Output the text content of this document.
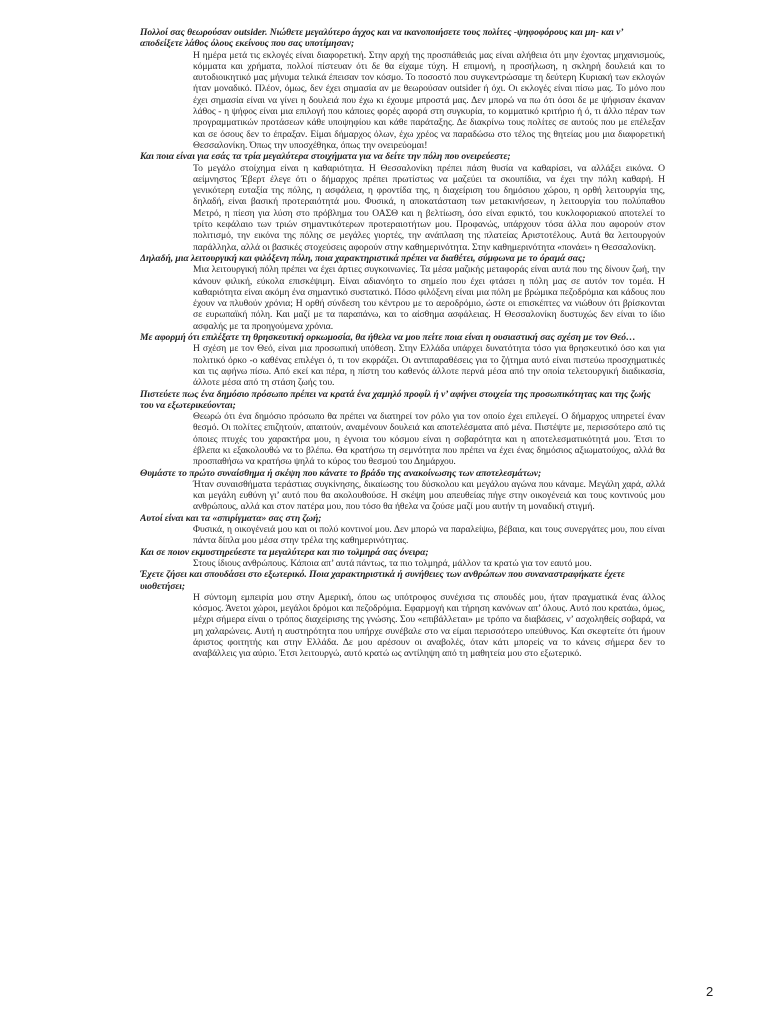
Πολλοί σας θεωρούσαν outsider. Νιώθετε μεγαλύτερο άγχος και να ικανοποιήσετε τους πολίτες -ψηφοφόρους και μη- και ν’ αποδείξετε λάθος όλους εκείνους που σας υποτίμησαν;

Η ημέρα μετά τις εκλογές είναι διαφορετική. Στην αρχή της προσπάθειάς μας είναι αλήθεια ότι μην έχοντας μηχανισμούς, κόμματα και χρήματα, πολλοί πίστευαν ότι δε θα είχαμε τύχη. Η επιμονή, η προσήλωση, η σκληρή δουλειά και το αυτοδιοικητικό μας μήνυμα τελικά έπεισαν τον κόσμο. Το ποσοστό που συγκεντρώσαμε τη δεύτερη Κυριακή των εκλογών ήταν μοναδικό. Πλέον, όμως, δεν έχει σημασία αν με θεωρούσαν outsider ή όχι. Οι εκλογές είναι πίσω μας. Το μόνο που έχει σημασία είναι να γίνει η δουλειά που έχω κι έχουμε μπροστά μας. Δεν μπορώ να πω ότι όσοι δε με ψήφισαν έκαναν λάθος - η ψήφος είναι μια επιλογή που κάποιες φορές αφορά στη συγκυρία, το κομματικό κριτήριο ή ό, τι άλλο πέραν των προγραμματικών προτάσεων κάθε υποψηφίου και κάθε παράταξης. Δε διακρίνω τους πολίτες σε αυτούς που με επέλεξαν και σε όσους δεν το έπραξαν. Είμαι δήμαρχος όλων, έχω χρέος να παραδώσω στο τέλος της θητείας μου μια διαφορετική Θεσσαλονίκη. Όπως την υποσχέθηκα, όπως την ονειρεύομαι!

Και ποια είναι για εσάς τα τρία μεγαλύτερα στοιχήματα για να δείτε την πόλη που ονειρεύεστε;

Το μεγάλο στοίχημα είναι η καθαριότητα. Η Θεσσαλονίκη πρέπει πάση θυσία να καθαρίσει, να αλλάξει εικόνα. Ο αείμνηστος Έβερτ έλεγε ότι ο δήμαρχος πρέπει πρωτίστως να μαζεύει τα σκουπίδια, να έχει την πόλη καθαρή. Η γενικότερη ευταξία της πόλης, η ασφάλεια, η φροντίδα της, η διαχείριση του δημόσιου χώρου, η ορθή λειτουργία της, δηλαδή, είναι βασική προτεραιότητά μου. Φυσικά, η αποκατάσταση των μετακινήσεων, η λειτουργία του πολύπαθου Μετρό, η πίεση για λύση στο πρόβλημα του ΟΑΣΘ και η βελτίωση, όσο είναι εφικτό, του κυκλοφοριακού αποτελεί το τρίτο κεφάλαιο των τριών σημαντικότερων προτεραιοτήτων μου. Προφανώς, υπάρχουν τόσα άλλα που αφορούν στον πολιτισμό, την εικόνα της πόλης σε μεγάλες γιορτές, την ανάπλαση της πλατείας Αριστοτέλους. Αυτά θα λειτουργούν παράλληλα, αλλά οι βασικές στοχεύσεις αφορούν στην καθημερινότητα. Στην καθημερινότητα «πονάει» η Θεσσαλονίκη.

Δηλαδή, μια λειτουργική και φιλόξενη πόλη, ποια χαρακτηριστικά πρέπει να διαθέτει, σύμφωνα με το όραμά σας;

Μια λειτουργική πόλη πρέπει να έχει άρτιες συγκοινωνίες. Τα μέσα μαζικής μεταφοράς είναι αυτά που της δίνουν ζωή, την κάνουν φιλική, εύκολα επισκέψιμη. Είναι αδιανόητο το σημείο που έχει φτάσει η πόλη μας σε αυτόν τον τομέα. Η καθαριότητα είναι ακόμη ένα σημαντικό συστατικό. Πόσο φιλόξενη είναι μια πόλη με βρώμικα πεζοδρόμια και κάδους που έχουν να πλυθούν χρόνια; Η ορθή σύνδεση του κέντρου με το αεροδρόμιο, ώστε οι επισκέπτες να νιώθουν ότι βρίσκονται σε ευρωπαϊκή πόλη. Και μαζί με τα παραπάνω, και το αίσθημα ασφάλειας. Η Θεσσαλονίκη δυστυχώς δεν είναι το ίδιο ασφαλής με τα προηγούμενα χρόνια.

Με αφορμή ότι επιλέξατε τη θρησκευτική ορκωμοσία, θα ήθελα να μου πείτε ποια είναι η ουσιαστική σας σχέση με τον Θεό…

Η σχέση με τον Θεό, είναι μια προσωπική υπόθεση. Στην Ελλάδα υπάρχει δυνατότητα τόσο για θρησκευτικό όσο και για πολιτικό όρκο -ο καθένας επιλέγει ό, τι τον εκφράζει. Οι αντιπαραθέσεις για το ζήτημα αυτό είναι πιστεύω προσχηματικές και τις αφήνω πίσω. Από εκεί και πέρα, η πίστη του καθενός άλλοτε περνά μέσα από την οποία τελετουργική διαδικασία, άλλοτε μέσα από τη στάση ζωής του.

Πιστεύετε πως ένα δημόσιο πρόσωπο πρέπει να κρατά ένα χαμηλό προφίλ ή ν’ αφήνει στοιχεία της προσωπικότητας και της ζωής του να εξωτερικεύονται;

Θεωρώ ότι ένα δημόσιο πρόσωπο θα πρέπει να διατηρεί τον ρόλο για τον οποίο έχει επιλεγεί. Ο δήμαρχος υπηρετεί έναν θεσμό. Οι πολίτες επιζητούν, απαιτούν, αναμένουν δουλειά και αποτελέσματα από μένα. Πιστέψτε με, περισσότερο από τις όποιες πτυχές του χαρακτήρα μου, η έγνοια του κόσμου είναι η σοβαρότητα και η αποτελεσματικότητά μου. Έτσι το έβλεπα κι εξακολουθώ να το βλέπω. Θα κρατήσω τη σεμνότητα που πρέπει να έχει ένας δημόσιος αξιωματούχος, αλλά θα προσπαθήσω να κρατήσω ψηλά το κύρος του θεσμού του Δημάρχου.

Θυμάστε το πρώτο συναίσθημα ή σκέψη που κάνατε το βράδυ της ανακοίνωσης των αποτελεσμάτων;

Ήταν συναισθήματα τεράστιας συγκίνησης, δικαίωσης του δύσκολου και μεγάλου αγώνα που κάναμε. Μεγάλη χαρά, αλλά και μεγάλη ευθύνη γι’ αυτό που θα ακολουθούσε. Η σκέψη μου απευθείας πήγε στην οικογένειά και τους κοντινούς μου ανθρώπους, αλλά και στον πατέρα μου, που τόσο θα ήθελα να ζούσε μαζί μου αυτήν τη μοναδική στιγμή.

Αυτοί είναι και τα «σπιρίγματα» σας στη ζωή;

Φυσικά, η οικογένειά μου και οι πολύ κοντινοί μου. Δεν μπορώ να παραλείψω, βέβαια, και τους συνεργάτες μου, που είναι πάντα δίπλα μου μέσα στην τρέλα της καθημερινότητας.

Και σε ποιον εκμυστηρεύεστε τα μεγαλύτερα και πιο τολμηρά σας όνειρα;

Στους ίδιους ανθρώπους. Κάποια απ’ αυτά πάντως, τα πιο τολμηρά, μάλλον τα κρατώ για τον εαυτό μου.

Έχετε ζήσει και σπουδάσει στο εξωτερικό. Ποια χαρακτηριστικά ή συνήθειες των ανθρώπων που συναναστραφήκατε έχετε υιοθετήσει;

Η σύντομη εμπειρία μου στην Αμερική, όπου ως υπότροφος συνέχισα τις σπουδές μου, ήταν πραγματικά ένας άλλος κόσμος. Άνετοι χώροι, μεγάλοι δρόμοι και πεζοδρόμια. Εφαρμογή και τήρηση κανόνων απ’ όλους. Αυτό που κρατάω, όμως, μέχρι σήμερα είναι ο τρόπος διαχείρισης της γνώσης. Σου «επιβάλλεται» με τρόπο να διαβάσεις, ν’ ασχοληθείς σοβαρά, να μη χαλαρώνεις. Αυτή η αυστηρότητα που υπήρχε συνέβαλε στο να είμαι περισσότερο υπεύθυνος. Και σκεφτείτε ότι ήμουν άριστος φοιτητής και στην Ελλάδα. Δε μου αρέσουν οι αναβολές, όταν κάτι μπορείς να το κάνεις σήμερα δεν το αναβάλλεις για αύριο. Έτσι λειτουργώ, αυτό κρατώ ως αντίληψη από τη μαθητεία μου στο εξωτερικό.

2
